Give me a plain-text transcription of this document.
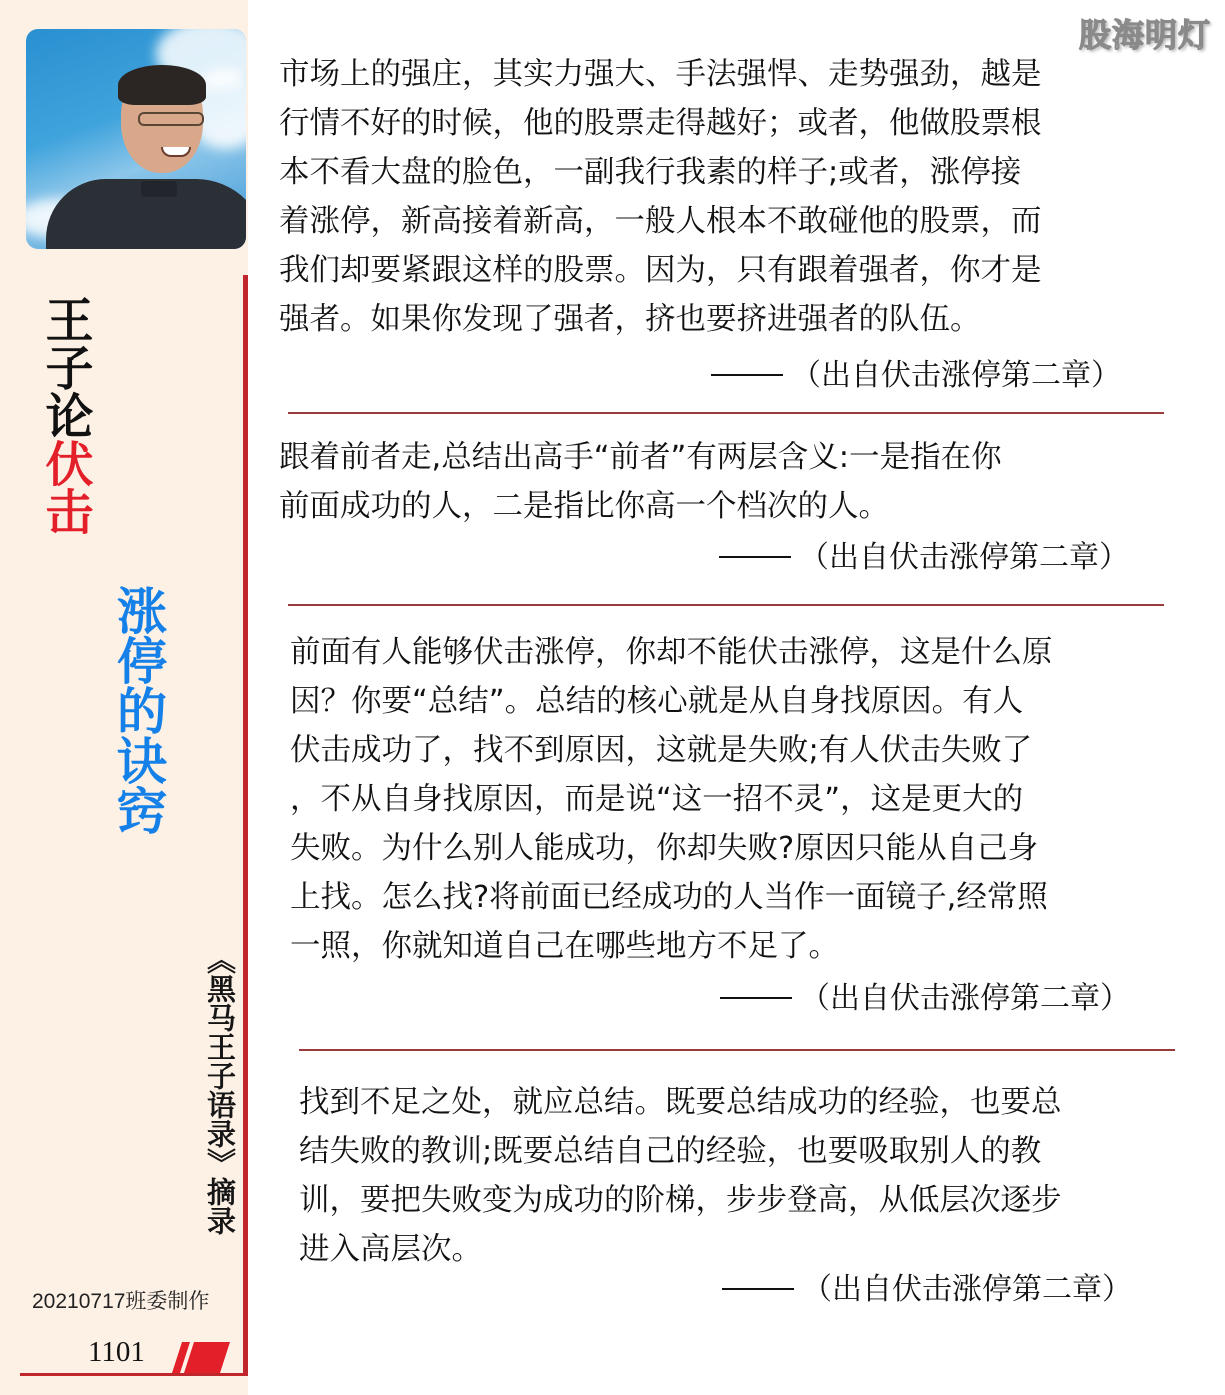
王子论伏击
涨停的诀窍
《黑马王子语录》摘录
20210717班委制作
1101
股海明灯
市场上的强庄，其实力强大、手法强悍、走势强劲，越是
行情不好的时候，他的股票走得越好；或者，他做股票根
本不看大盘的脸色，一副我行我素的样子;或者，涨停接
着涨停，新高接着新高，一般人根本不敢碰他的股票，而
我们却要紧跟这样的股票。因为，只有跟着强者，你才是
强者。如果你发现了强者，挤也要挤进强者的队伍。
（出自伏击涨停第二章）
跟着前者走,总结出高手“前者”有两层含义:一是指在你
前面成功的人，二是指比你高一个档次的人。
（出自伏击涨停第二章）
前面有人能够伏击涨停，你却不能伏击涨停，这是什么原
因？你要“总结”。总结的核心就是从自身找原因。有人
伏击成功了，找不到原因，这就是失败;有人伏击失败了
，不从自身找原因，而是说“这一招不灵”，这是更大的
失败。为什么别人能成功，你却失败?原因只能从自己身
上找。怎么找?将前面已经成功的人当作一面镜子,经常照
一照，你就知道自己在哪些地方不足了。
（出自伏击涨停第二章）
找到不足之处，就应总结。既要总结成功的经验，也要总
结失败的教训;既要总结自己的经验，也要吸取别人的教
训，要把失败变为成功的阶梯，步步登高，从低层次逐步
进入高层次。
（出自伏击涨停第二章）
